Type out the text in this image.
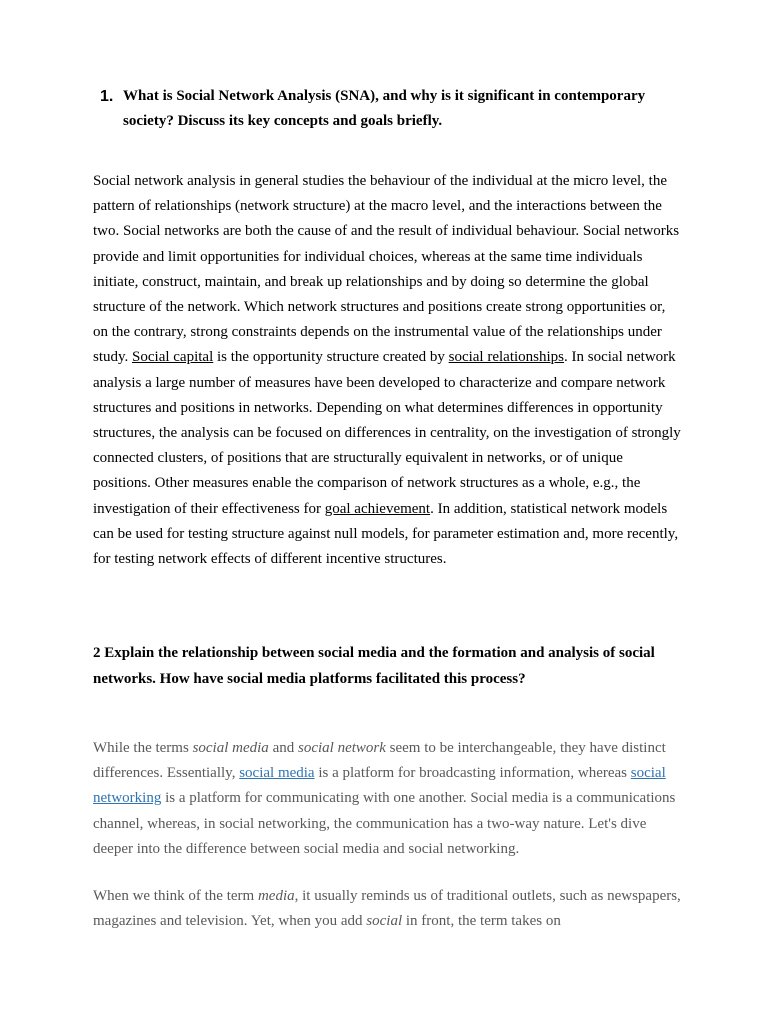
1. What is Social Network Analysis (SNA), and why is it significant in contemporary society? Discuss its key concepts and goals briefly.

Social network analysis in general studies the behaviour of the individual at the micro level, the pattern of relationships (network structure) at the macro level, and the interactions between the two. Social networks are both the cause of and the result of individual behaviour. Social networks provide and limit opportunities for individual choices, whereas at the same time individuals initiate, construct, maintain, and break up relationships and by doing so determine the global structure of the network. Which network structures and positions create strong opportunities or, on the contrary, strong constraints depends on the instrumental value of the relationships under study. Social capital is the opportunity structure created by social relationships. In social network analysis a large number of measures have been developed to characterize and compare network structures and positions in networks. Depending on what determines differences in opportunity structures, the analysis can be focused on differences in centrality, on the investigation of strongly connected clusters, of positions that are structurally equivalent in networks, or of unique positions. Other measures enable the comparison of network structures as a whole, e.g., the investigation of their effectiveness for goal achievement. In addition, statistical network models can be used for testing structure against null models, for parameter estimation and, more recently, for testing network effects of different incentive structures.

2 Explain the relationship between social media and the formation and analysis of social networks. How have social media platforms facilitated this process?

While the terms social media and social network seem to be interchangeable, they have distinct differences. Essentially, social media is a platform for broadcasting information, whereas social networking is a platform for communicating with one another. Social media is a communications channel, whereas, in social networking, the communication has a two-way nature. Let's dive deeper into the difference between social media and social networking.

When we think of the term media, it usually reminds us of traditional outlets, such as newspapers, magazines and television. Yet, when you add social in front, the term takes on
